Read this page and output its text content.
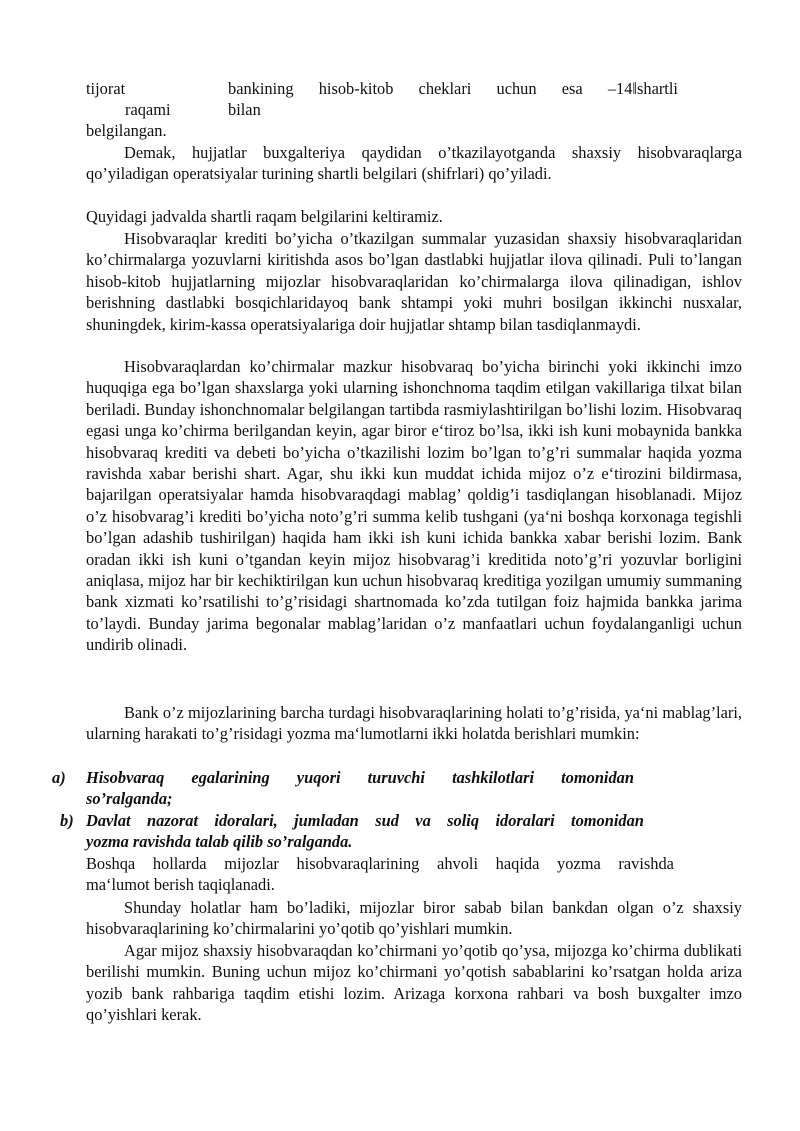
tijorat	bankining hisob-kitob cheklari uchun esa –14‖shartli
raqami	bilan
belgilangan.
Demak, hujjatlar buxgalteriya qaydidan o’tkazilayotganda shaxsiy hisobvaraqlarga qo’yiladigan operatsiyalar turining shartli belgilari (shifrlari) qo’yiladi.
Quyidagi jadvalda shartli raqam belgilarini keltiramiz.
Hisobvaraqlar krediti bo’yicha o’tkazilgan summalar yuzasidan shaxsiy hisobvaraqlaridan ko’chirmalarga yozuvlarni kiritishda asos bo’lgan dastlabki hujjatlar ilova qilinadi. Puli to’langan hisob-kitob hujjatlarning mijozlar hisobvaraqlaridan ko’chirmalarga ilova qilinadigan, ishlov berishning dastlabki bosqichlaridayoq bank shtampi yoki muhri bosilgan ikkinchi nusxalar, shuningdek, kirim-kassa operatsiyalariga doir hujjatlar shtamp bilan tasdiqlanmaydi.
Hisobvaraqlardan ko’chirmalar mazkur hisobvaraq bo’yicha birinchi yoki ikkinchi imzo huquqiga ega bo’lgan shaxslarga yoki ularning ishonchnoma taqdim etilgan vakillariga tilxat bilan beriladi. Bunday ishonchnomalar belgilangan tartibda rasmiylashtirilgan bo’lishi lozim. Hisobvaraq egasi unga ko’chirma berilgandan keyin, agar biror e‘tiroz bo’lsa, ikki ish kuni mobaynida bankka hisobvaraq krediti va debeti bo’yicha o’tkazilishi lozim bo’lgan to’g’ri summalar haqida yozma ravishda xabar berishi shart. Agar, shu ikki kun muddat ichida mijoz o’z e‘tirozini bildirmasa, bajarilgan operatsiyalar hamda hisobvaraqdagi mablag’ qoldig’i tasdiqlangan hisoblanadi. Mijoz o’z hisobvarag’i krediti bo’yicha noto’g’ri summa kelib tushgani (ya‘ni boshqa korxonaga tegishli bo’lgan adashib tushirilgan) haqida ham ikki ish kuni ichida bankka xabar berishi lozim. Bank oradan ikki ish kuni o’tgandan keyin mijoz hisobvarag’i kreditida noto’g’ri yozuvlar borligini aniqlasa, mijoz har bir kechiktirilgan kun uchun hisobvaraq kreditiga yozilgan umumiy summaning bank xizmati ko’rsatilishi to’g’risidagi shartnomada ko’zda tutilgan foiz hajmida bankka jarima to’laydi. Bunday jarima begonalar mablag’laridan o’z manfaatlari uchun foydalanganligi uchun undirib olinadi.
Bank o’z mijozlarining barcha turdagi hisobvaraqlarining holati to’g’risida, ya‘ni mablag’lari, ularning harakati to’g’risidagi yozma ma‘lumotlarni ikki holatda berishlari mumkin:
a) Hisobvaraq egalarining yuqori turuvchi tashkilotlari tomonidan
so’ralganda;
b) Davlat nazorat idoralari, jumladan sud va soliq idoralari tomonidan
yozma ravishda talab qilib so’ralganda.
Boshqa hollarda mijozlar hisobvaraqlarining ahvoli haqida yozma ravishda
ma‘lumot berish taqiqlanadi.
Shunday holatlar ham bo’ladiki, mijozlar biror sabab bilan bankdan olgan o’z shaxsiy hisobvaraqlarining ko’chirmalarini yo’qotib qo’yishlari mumkin.
Agar mijoz shaxsiy hisobvaraqdan ko’chirmani yo’qotib qo’ysa, mijozga ko’chirma dublikati berilishi mumkin. Buning uchun mijoz ko’chirmani yo’qotish sabablarini ko’rsatgan holda ariza yozib bank rahbariga taqdim etishi lozim. Arizaga korxona rahbari va bosh buxgalter imzo qo’yishlari kerak.
